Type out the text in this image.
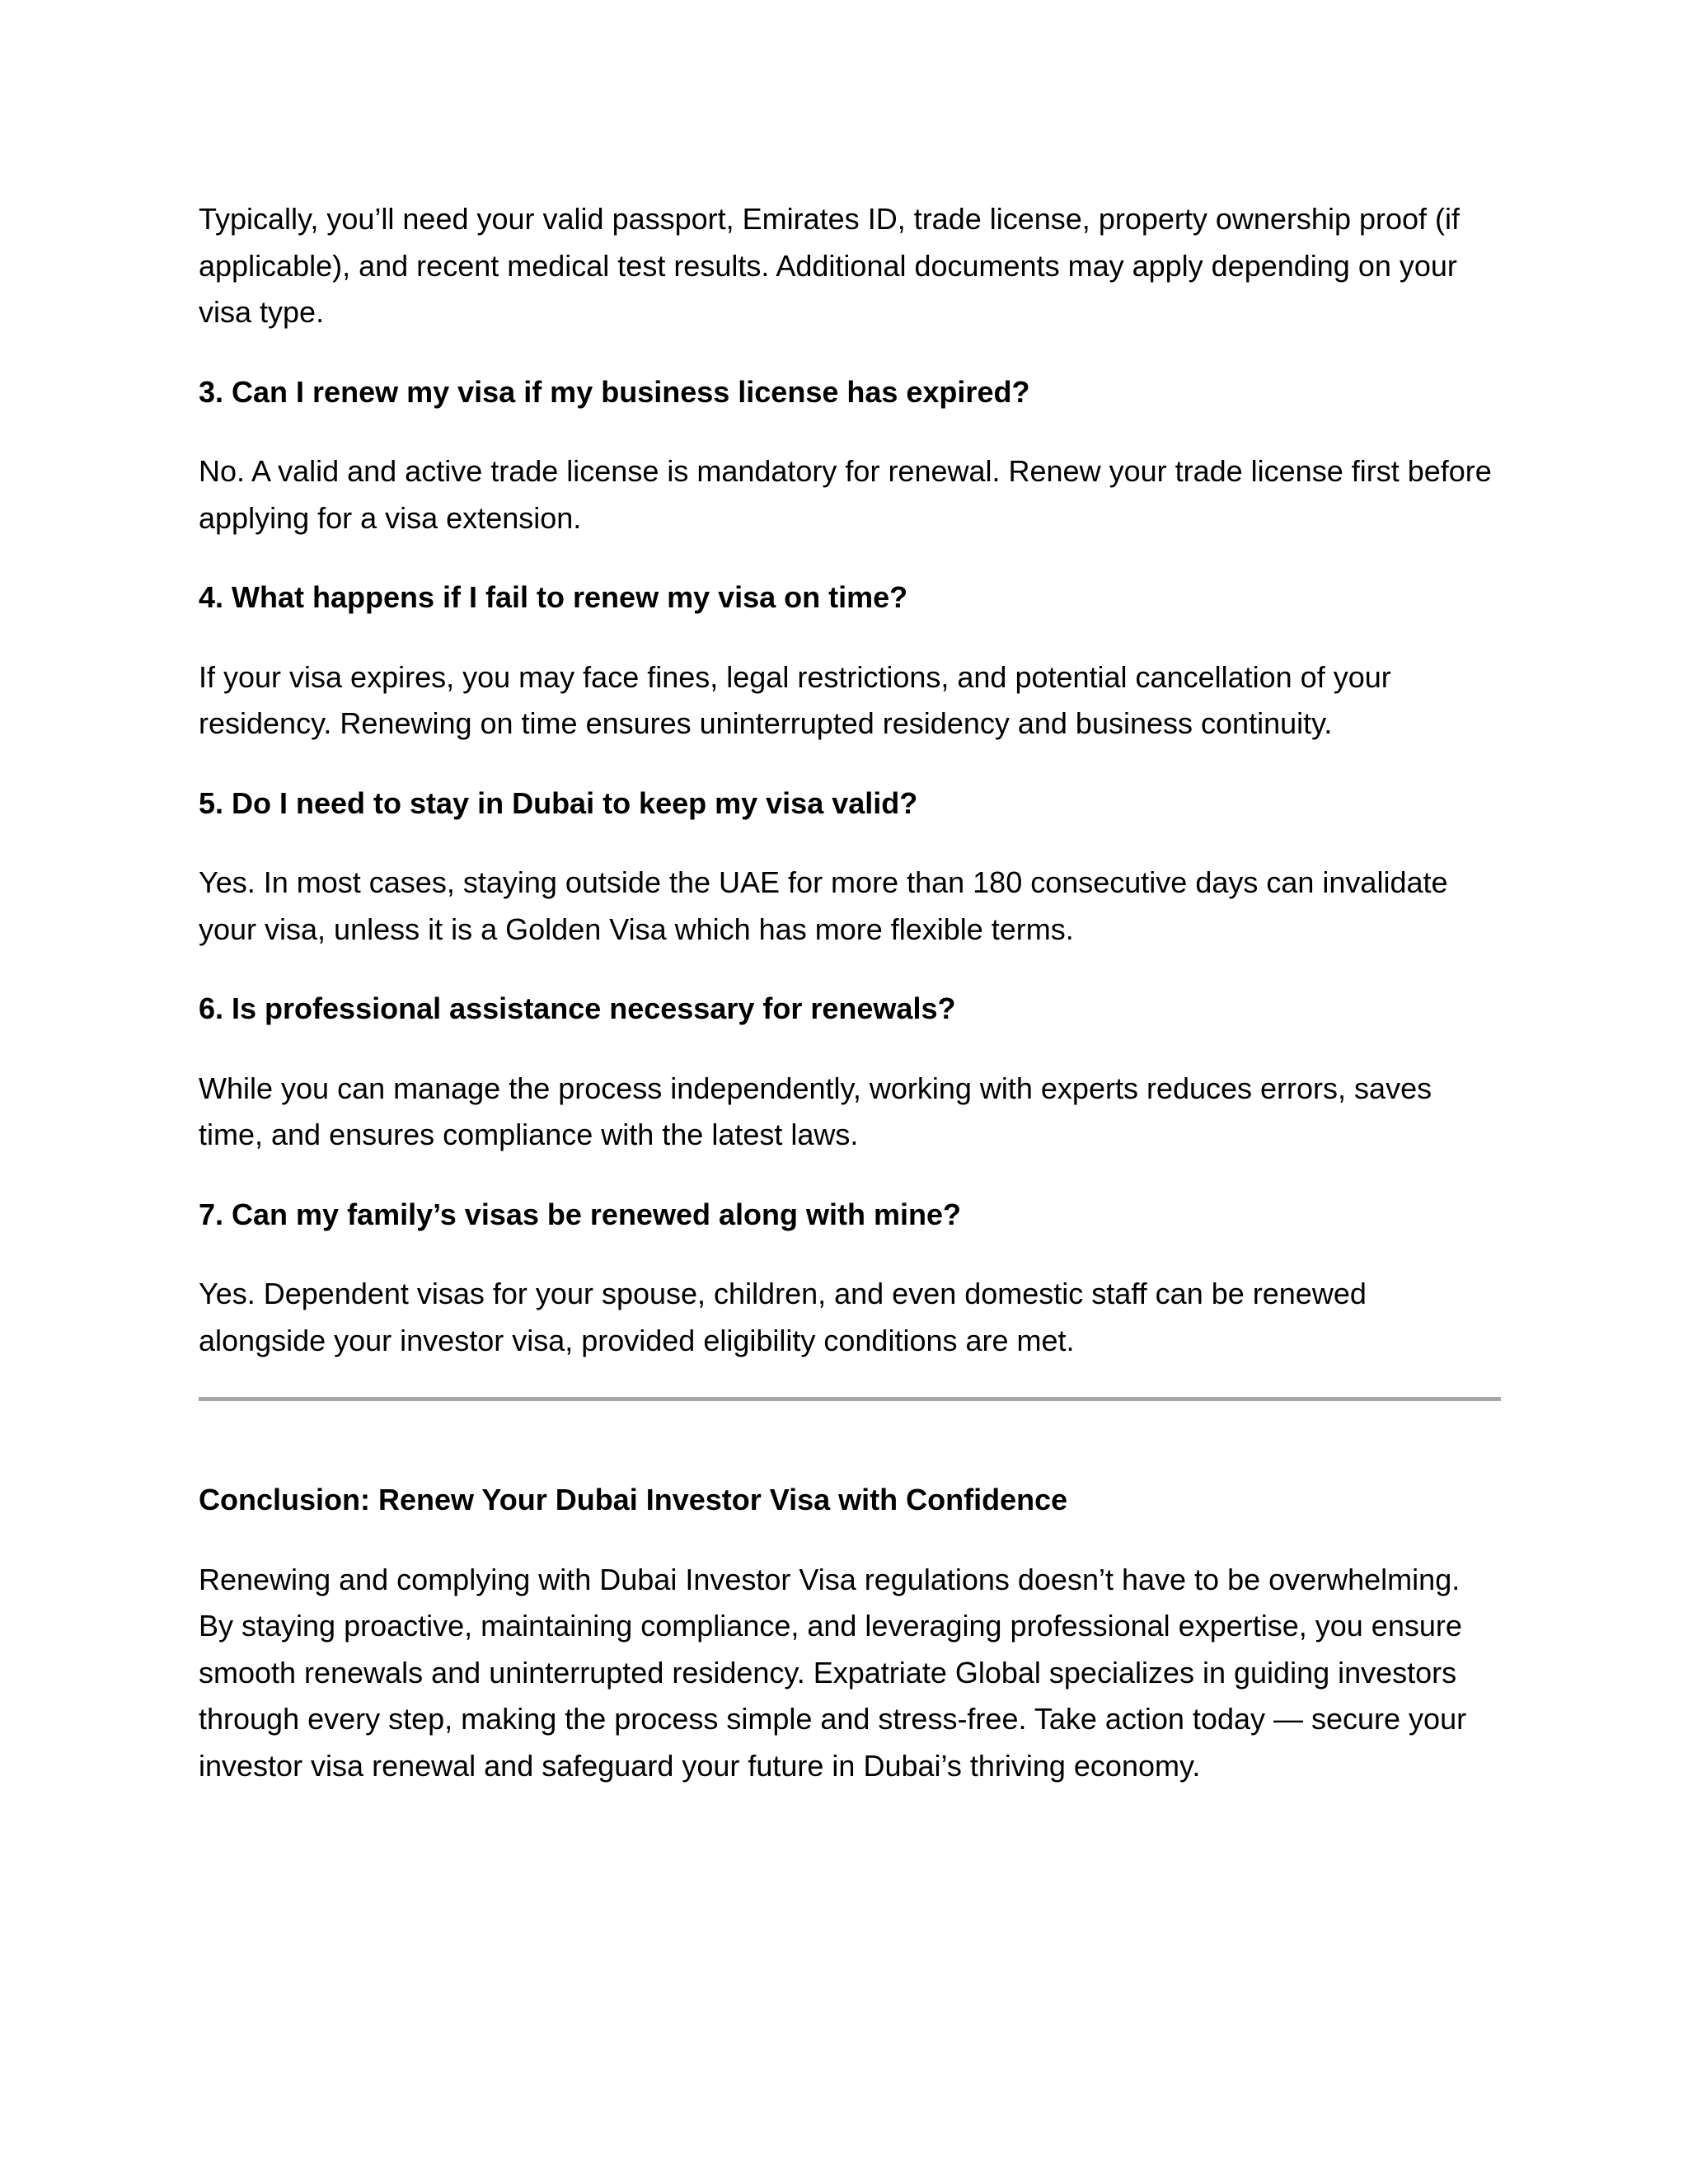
Typically, you’ll need your valid passport, Emirates ID, trade license, property ownership proof (if applicable), and recent medical test results. Additional documents may apply depending on your visa type.

3. Can I renew my visa if my business license has expired?

No. A valid and active trade license is mandatory for renewal. Renew your trade license first before applying for a visa extension.

4. What happens if I fail to renew my visa on time?

If your visa expires, you may face fines, legal restrictions, and potential cancellation of your residency. Renewing on time ensures uninterrupted residency and business continuity.

5. Do I need to stay in Dubai to keep my visa valid?

Yes. In most cases, staying outside the UAE for more than 180 consecutive days can invalidate your visa, unless it is a Golden Visa which has more flexible terms.

6. Is professional assistance necessary for renewals?

While you can manage the process independently, working with experts reduces errors, saves time, and ensures compliance with the latest laws.

7. Can my family’s visas be renewed along with mine?

Yes. Dependent visas for your spouse, children, and even domestic staff can be renewed alongside your investor visa, provided eligibility conditions are met.

Conclusion: Renew Your Dubai Investor Visa with Confidence

Renewing and complying with Dubai Investor Visa regulations doesn’t have to be overwhelming. By staying proactive, maintaining compliance, and leveraging professional expertise, you ensure smooth renewals and uninterrupted residency. Expatriate Global specializes in guiding investors through every step, making the process simple and stress-free. Take action today — secure your investor visa renewal and safeguard your future in Dubai’s thriving economy.
